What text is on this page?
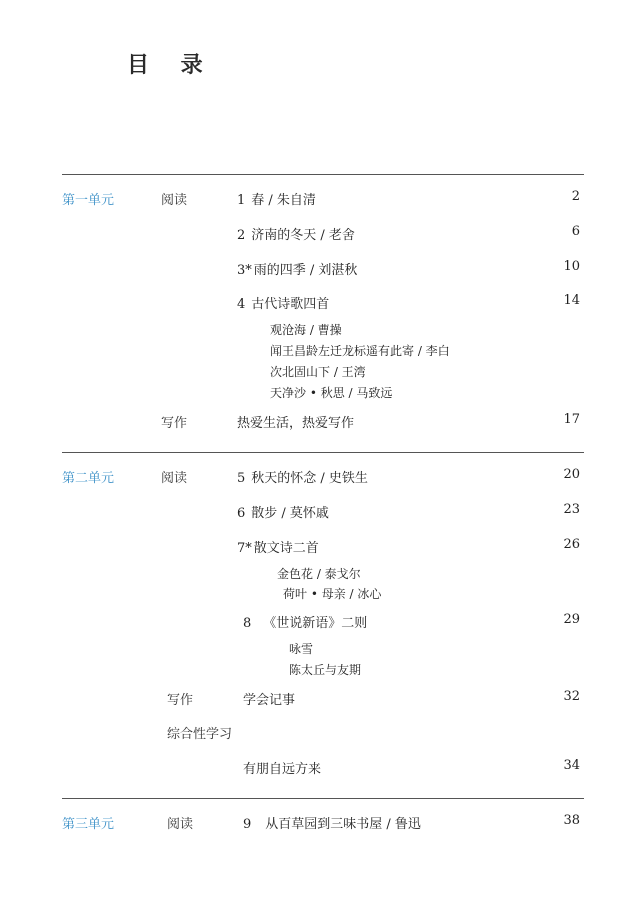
目 录
第一单元	阅读	1 春 / 朱自清	2
2 济南的冬天 / 老舍	6
3* 雨的四季 / 刘湛秋	10
4 古代诗歌四首	14
观沧海 / 曹操
闻王昌龄左迁龙标遥有此寄 / 李白
次北固山下 / 王湾
天净沙 • 秋思 / 马致远
写作	热爱生活，热爱写作	17
第二单元	阅读	5 秋天的怀念 / 史铁生	20
6 散步 / 莫怀戚	23
7* 散文诗二首	26
金色花 / 泰戈尔
荷叶 • 母亲 / 冰心
8 《世说新语》二则	29
咏雪
陈太丘与友期
写作	学会记事	32
综合性学习
有朋自远方来	34
第三单元	阅读	9 从百草园到三味书屋 / 鲁迅	38
